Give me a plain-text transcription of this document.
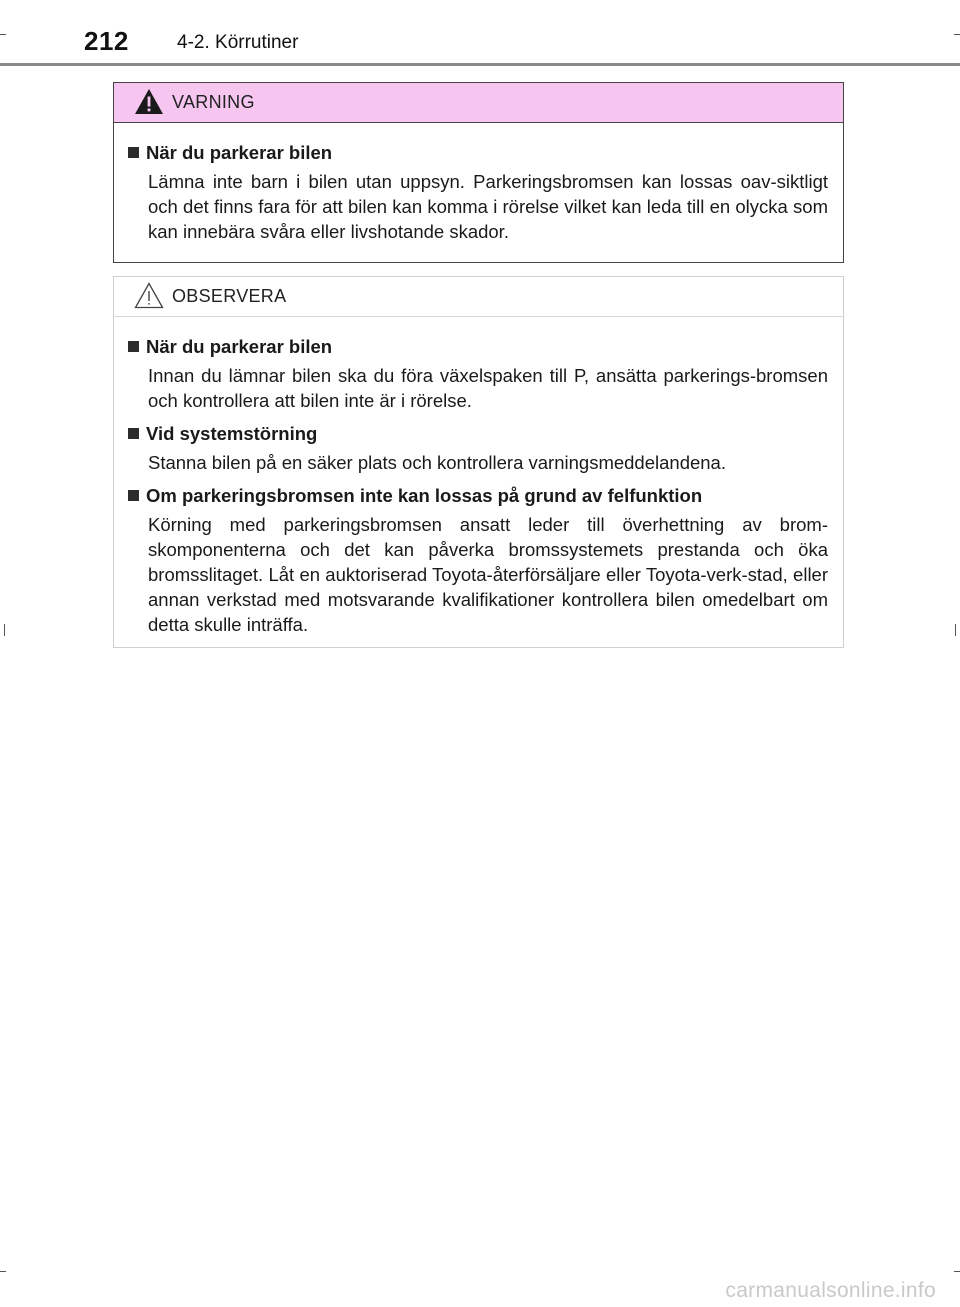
212	4-2. Körrutiner
VARNING
När du parkerar bilen
Lämna inte barn i bilen utan uppsyn. Parkeringsbromsen kan lossas oav-siktligt och det finns fara för att bilen kan komma i rörelse vilket kan leda till en olycka som kan innebära svåra eller livshotande skador.
OBSERVERA
När du parkerar bilen
Innan du lämnar bilen ska du föra växelspaken till P, ansätta parkerings-bromsen och kontrollera att bilen inte är i rörelse.
Vid systemstörning
Stanna bilen på en säker plats och kontrollera varningsmeddelandena.
Om parkeringsbromsen inte kan lossas på grund av felfunktion
Körning med parkeringsbromsen ansatt leder till överhettning av brom-skomponenterna och det kan påverka bromssystemets prestanda och öka bromsslitaget. Låt en auktoriserad Toyota-återförsäljare eller Toyota-verk-stad, eller annan verkstad med motsvarande kvalifikationer kontrollera bilen omedelbart om detta skulle inträffa.
carmanualsonline.info
